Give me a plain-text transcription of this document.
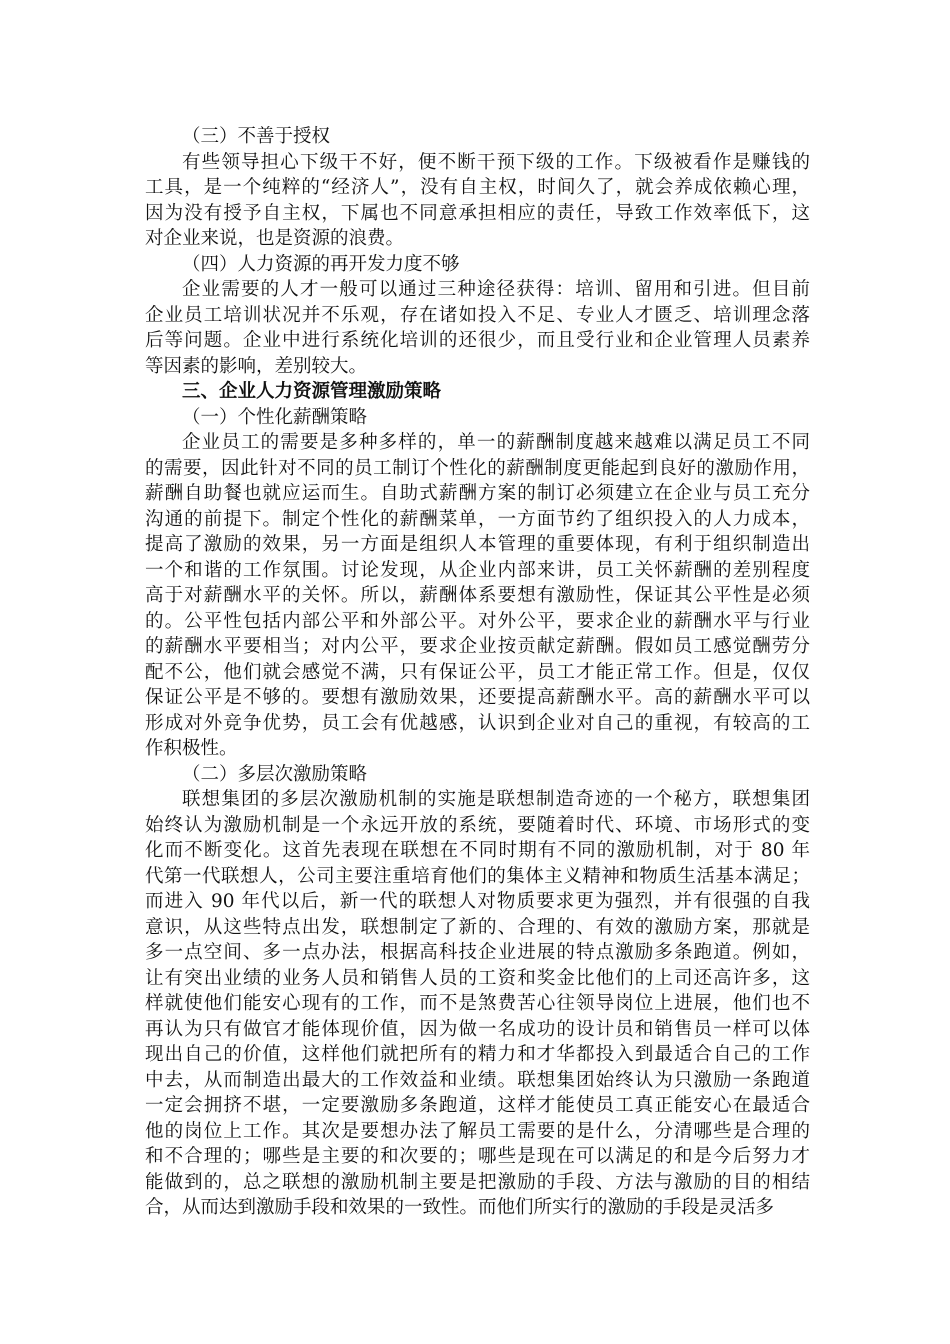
（三）不善于授权
有些领导担心下级干不好，便不断干预下级的工作。下级被看作是赚钱的
工具，是一个纯粹的“经济人”，没有自主权，时间久了，就会养成依赖心理，
因为没有授予自主权，下属也不同意承担相应的责任，导致工作效率低下，这
对企业来说，也是资源的浪费。
（四）人力资源的再开发力度不够
企业需要的人才一般可以通过三种途径获得：培训、留用和引进。但目前
企业员工培训状况并不乐观，存在诸如投入不足、专业人才匮乏、培训理念落
后等问题。企业中进行系统化培训的还很少，而且受行业和企业管理人员素养
等因素的影响，差别较大。
三、企业人力资源管理激励策略
（一）个性化薪酬策略
企业员工的需要是多种多样的，单一的薪酬制度越来越难以满足员工不同
的需要，因此针对不同的员工制订个性化的薪酬制度更能起到良好的激励作用，
薪酬自助餐也就应运而生。自助式薪酬方案的制订必须建立在企业与员工充分
沟通的前提下。制定个性化的薪酬菜单，一方面节约了组织投入的人力成本，
提高了激励的效果，另一方面是组织人本管理的重要体现，有利于组织制造出
一个和谐的工作氛围。讨论发现，从企业内部来讲，员工关怀薪酬的差别程度
高于对薪酬水平的关怀。所以，薪酬体系要想有激励性，保证其公平性是必须
的。公平性包括内部公平和外部公平。对外公平，要求企业的薪酬水平与行业
的薪酬水平要相当；对内公平，要求企业按贡献定薪酬。假如员工感觉酬劳分
配不公，他们就会感觉不满，只有保证公平，员工才能正常工作。但是，仅仅
保证公平是不够的。要想有激励效果，还要提高薪酬水平。高的薪酬水平可以
形成对外竞争优势，员工会有优越感，认识到企业对自己的重视，有较高的工
作积极性。
（二）多层次激励策略
联想集团的多层次激励机制的实施是联想制造奇迹的一个秘方，联想集团
始终认为激励机制是一个永远开放的系统，要随着时代、环境、市场形式的变
化而不断变化。这首先表现在联想在不同时期有不同的激励机制，对于 80 年
代第一代联想人，公司主要注重培育他们的集体主义精神和物质生活基本满足；
而进入 90 年代以后，新一代的联想人对物质要求更为强烈，并有很强的自我
意识，从这些特点出发，联想制定了新的、合理的、有效的激励方案，那就是
多一点空间、多一点办法，根据高科技企业进展的特点激励多条跑道。例如，
让有突出业绩的业务人员和销售人员的工资和奖金比他们的上司还高许多，这
样就使他们能安心现有的工作，而不是煞费苦心往领导岗位上进展，他们也不
再认为只有做官才能体现价值，因为做一名成功的设计员和销售员一样可以体
现出自己的价值，这样他们就把所有的精力和才华都投入到最适合自己的工作
中去，从而制造出最大的工作效益和业绩。联想集团始终认为只激励一条跑道
一定会拥挤不堪，一定要激励多条跑道，这样才能使员工真正能安心在最适合
他的岗位上工作。其次是要想办法了解员工需要的是什么，分清哪些是合理的
和不合理的；哪些是主要的和次要的；哪些是现在可以满足的和是今后努力才
能做到的，总之联想的激励机制主要是把激励的手段、方法与激励的目的相结
合，从而达到激励手段和效果的一致性。而他们所实行的激励的手段是灵活多
